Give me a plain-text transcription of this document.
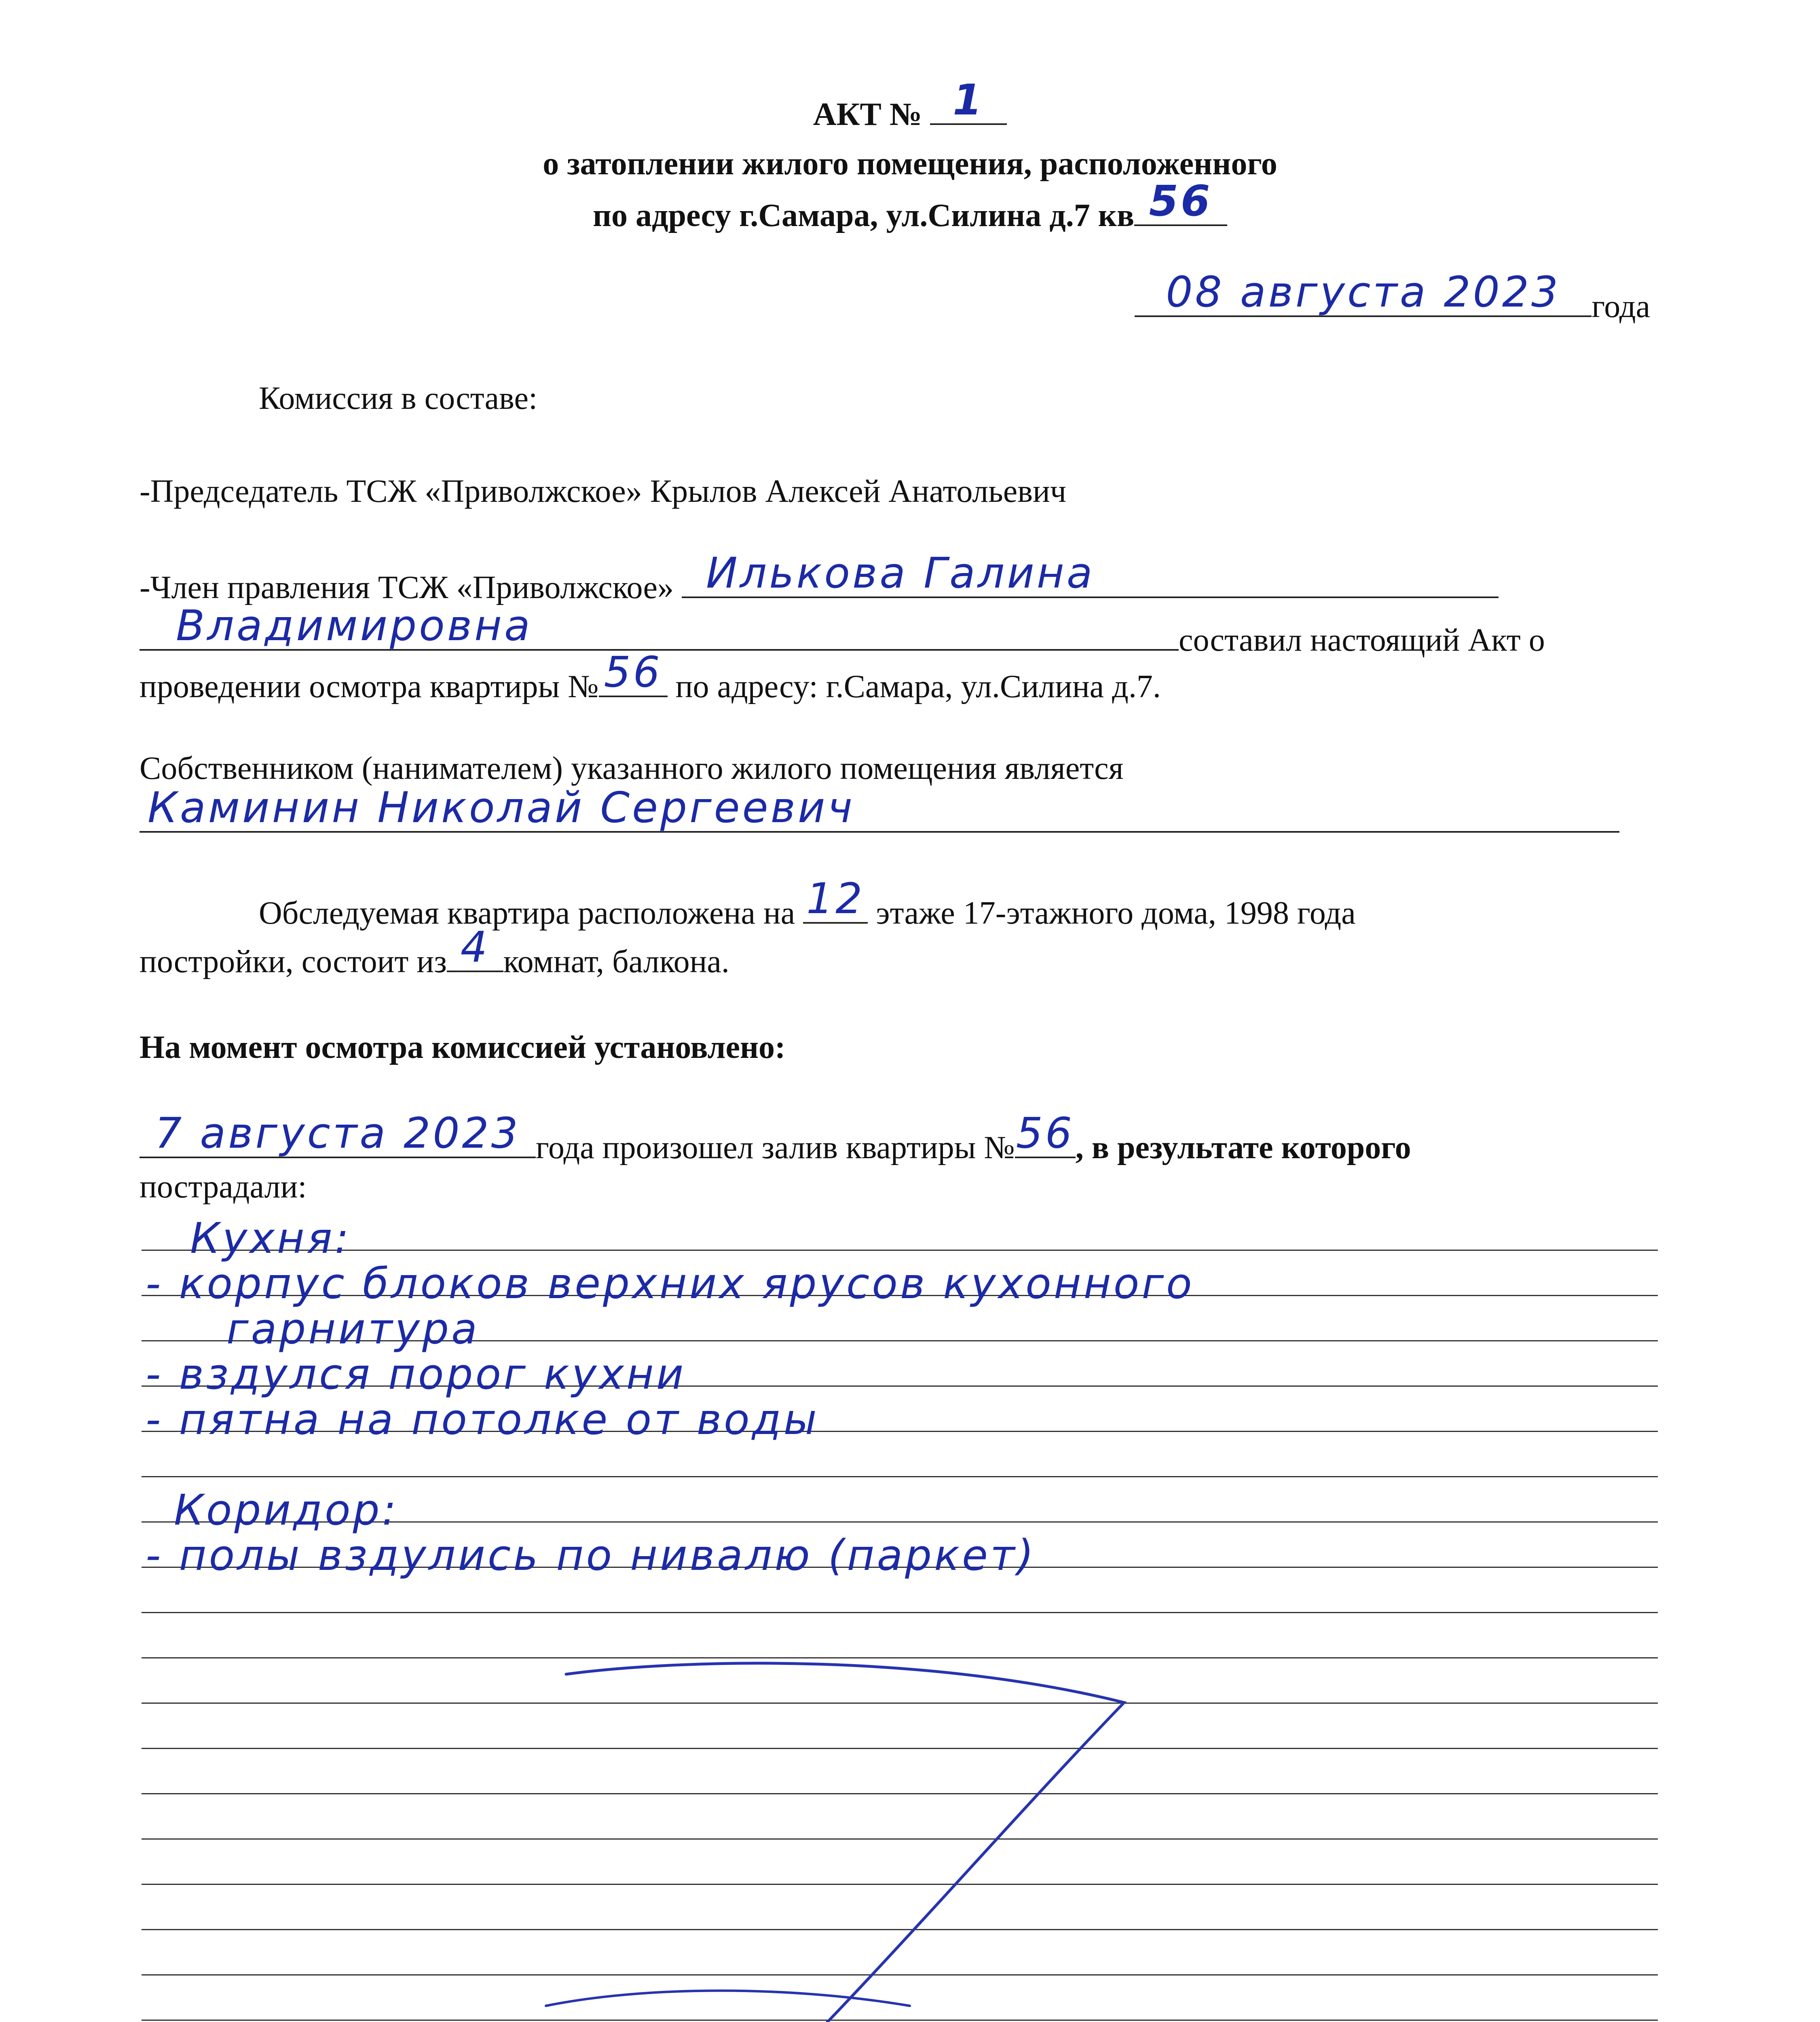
АКТ № 1
о затоплении жилого помещения, расположенного
по адресу г.Самара, ул.Силина д.7 кв 56
08 августа 2023 года
Комиссия в составе:
-Председатель ТСЖ «Приволжское» Крылов Алексей Анатольевич
-Член правления ТСЖ «Приволжское» Илькова Галина
Владимировна	составил настоящий Акт о
проведении осмотра квартиры № 56 по адресу: г.Самара, ул.Силина д.7.
Собственником (нанимателем) указанного жилого помещения является
Каминин Николай Сергеевич
Обследуемая квартира расположена на 12 этаже 17-этажного дома, 1998 года
постройки, состоит из 4 комнат, балкона.
На момент осмотра комиссией установлено:
7 августа 2023 года произошел залив квартиры № 56 , в результате которого
пострадали:
Кухня:
- корпус блоков верхних ярусов кухонного
гарнитура
- вздулся порог кухни
- пятна на потолке от воды
Коридор:
- полы вздулись по нивалю (паркет)
